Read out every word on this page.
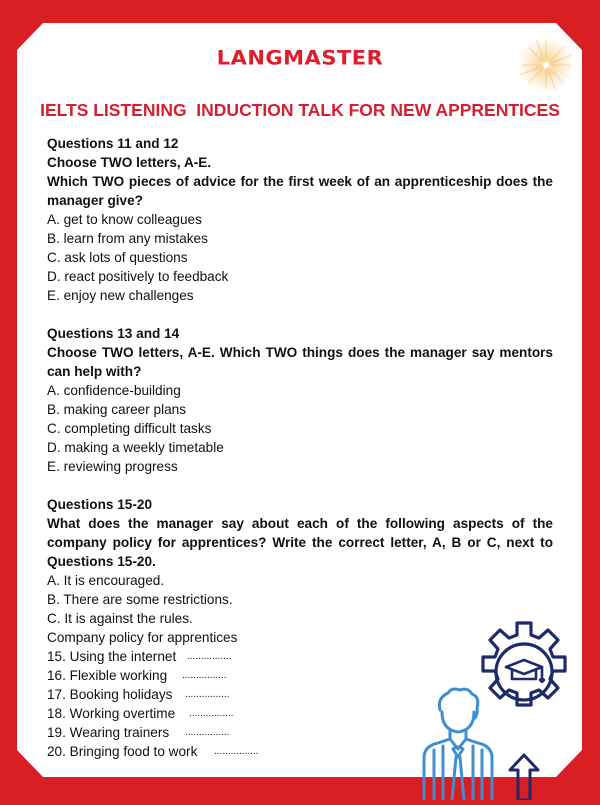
LANGMASTER
IELTS LISTENING  INDUCTION TALK FOR NEW APPRENTICES
Questions 11 and 12
Choose TWO letters, A-E.
Which TWO pieces of advice for the first week of an apprenticeship does the manager give?
A. get to know colleagues
B. learn from any mistakes
C. ask lots of questions
D. react positively to feedback
E. enjoy new challenges
Questions 13 and 14
Choose TWO letters, A-E. Which TWO things does the manager say mentors can help with?
A. confidence-building
B. making career plans
C. completing difficult tasks
D. making a weekly timetable
E. reviewing progress
Questions 15-20
What does the manager say about each of the following aspects of the company policy for apprentices? Write the correct letter, A, B or C, next to Questions 15-20.
A. It is encouraged.
B. There are some restrictions.
C. It is against the rules.
Company policy for apprentices
15. Using the internet	................
16. Flexible working	................
17. Booking holidays	................
18. Working overtime	................
19. Wearing trainers	................
20. Bringing food to work	................
